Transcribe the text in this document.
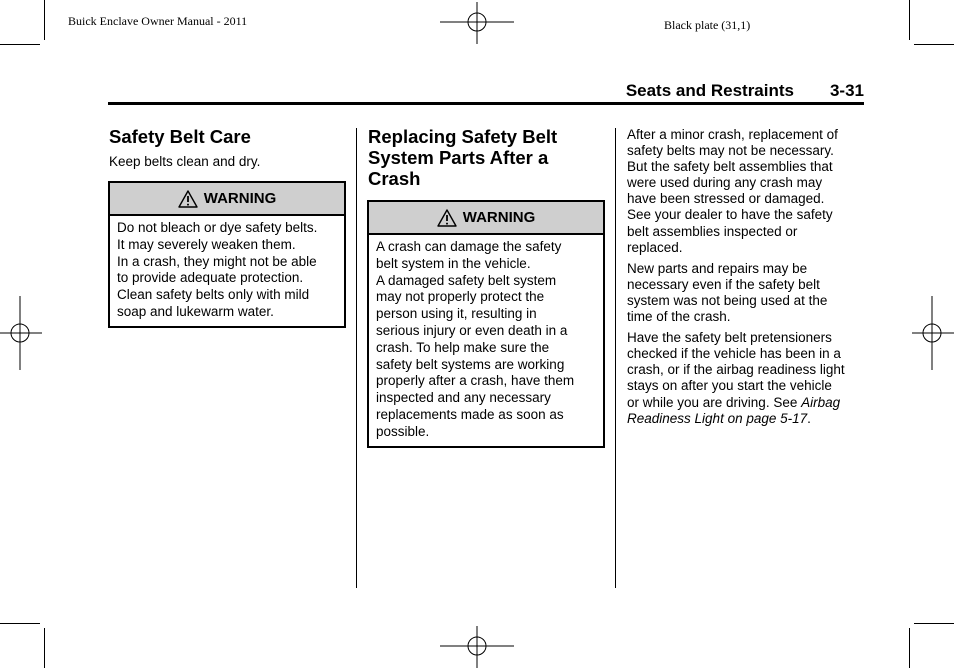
Buick Enclave Owner Manual - 2011	Black plate (31,1)
Seats and Restraints 3-31
Safety Belt Care

Keep belts clean and dry.

WARNING
Do not bleach or dye safety belts.
It may severely weaken them.
In a crash, they might not be able
to provide adequate protection.
Clean safety belts only with mild
soap and lukewarm water.
Replacing Safety Belt
System Parts After a
Crash
WARNING
A crash can damage the safety
belt system in the vehicle.
A damaged safety belt system
may not properly protect the
person using it, resulting in
serious injury or even death in a
crash. To help make sure the
safety belt systems are working
properly after a crash, have them
inspected and any necessary
replacements made as soon as
possible.

After a minor crash, replacement of
safety belts may not be necessary.
But the safety belt assemblies that
were used during any crash may
have been stressed or damaged.
See your dealer to have the safety
belt assemblies inspected or
replaced.

New parts and repairs may be
necessary even if the safety belt
system was not being used at the
time of the crash.

Have the safety belt pretensioners
checked if the vehicle has been in a
crash, or if the airbag readiness light
stays on after you start the vehicle
or while you are driving. See Airbag
Readiness Light on page 5-17.
